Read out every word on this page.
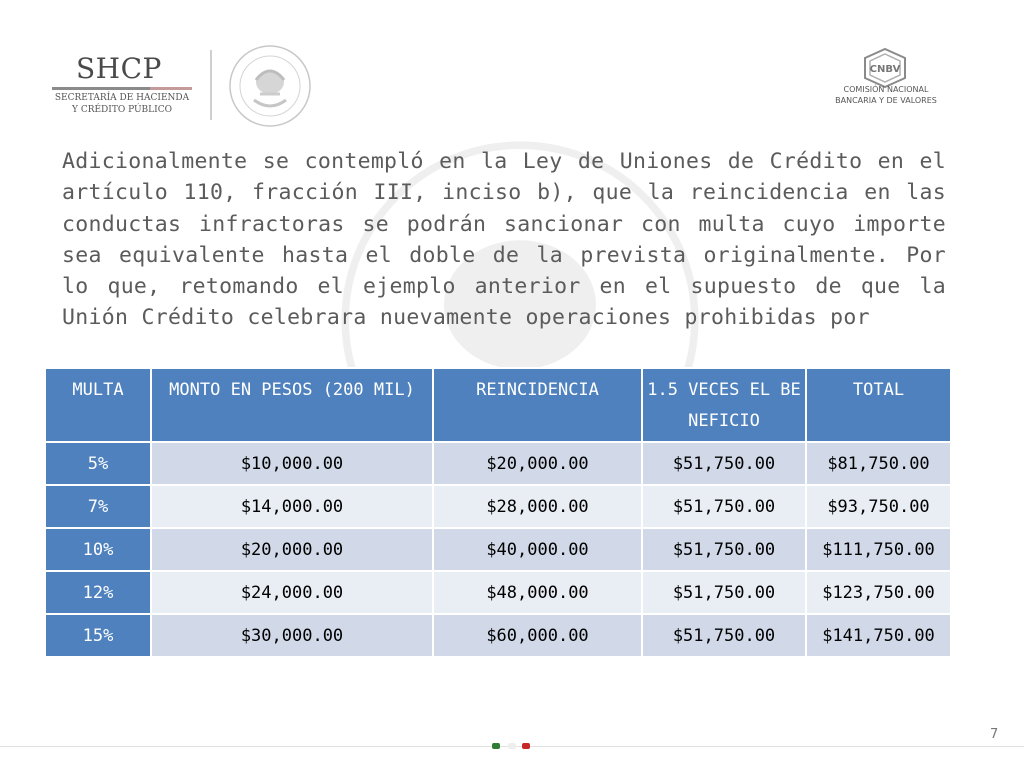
SHCP
SECRETARÍA DE HACIENDA
Y CRÉDITO PÚBLICO
CNBV
COMISIÓN NACIONAL
BANCARIA Y DE VALORES
Adicionalmente se contempló en la Ley de Uniones de Crédito en el artículo 110, fracción III, inciso b), que la reincidencia en las conductas infractoras se podrán sancionar con multa cuyo importe sea equivalente hasta el doble de la prevista originalmente. Por lo que, retomando el ejemplo anterior en el supuesto de que la Unión Crédito celebrara nuevamente operaciones prohibidas por
MULTA	MONTO EN PESOS (200 MIL)	REINCIDENCIA	1.5 VECES EL BENEFICIO	TOTAL
5%	$10,000.00	$20,000.00	$51,750.00	$81,750.00
7%	$14,000.00	$28,000.00	$51,750.00	$93,750.00
10%	$20,000.00	$40,000.00	$51,750.00	$111,750.00
12%	$24,000.00	$48,000.00	$51,750.00	$123,750.00
15%	$30,000.00	$60,000.00	$51,750.00	$141,750.00
7
